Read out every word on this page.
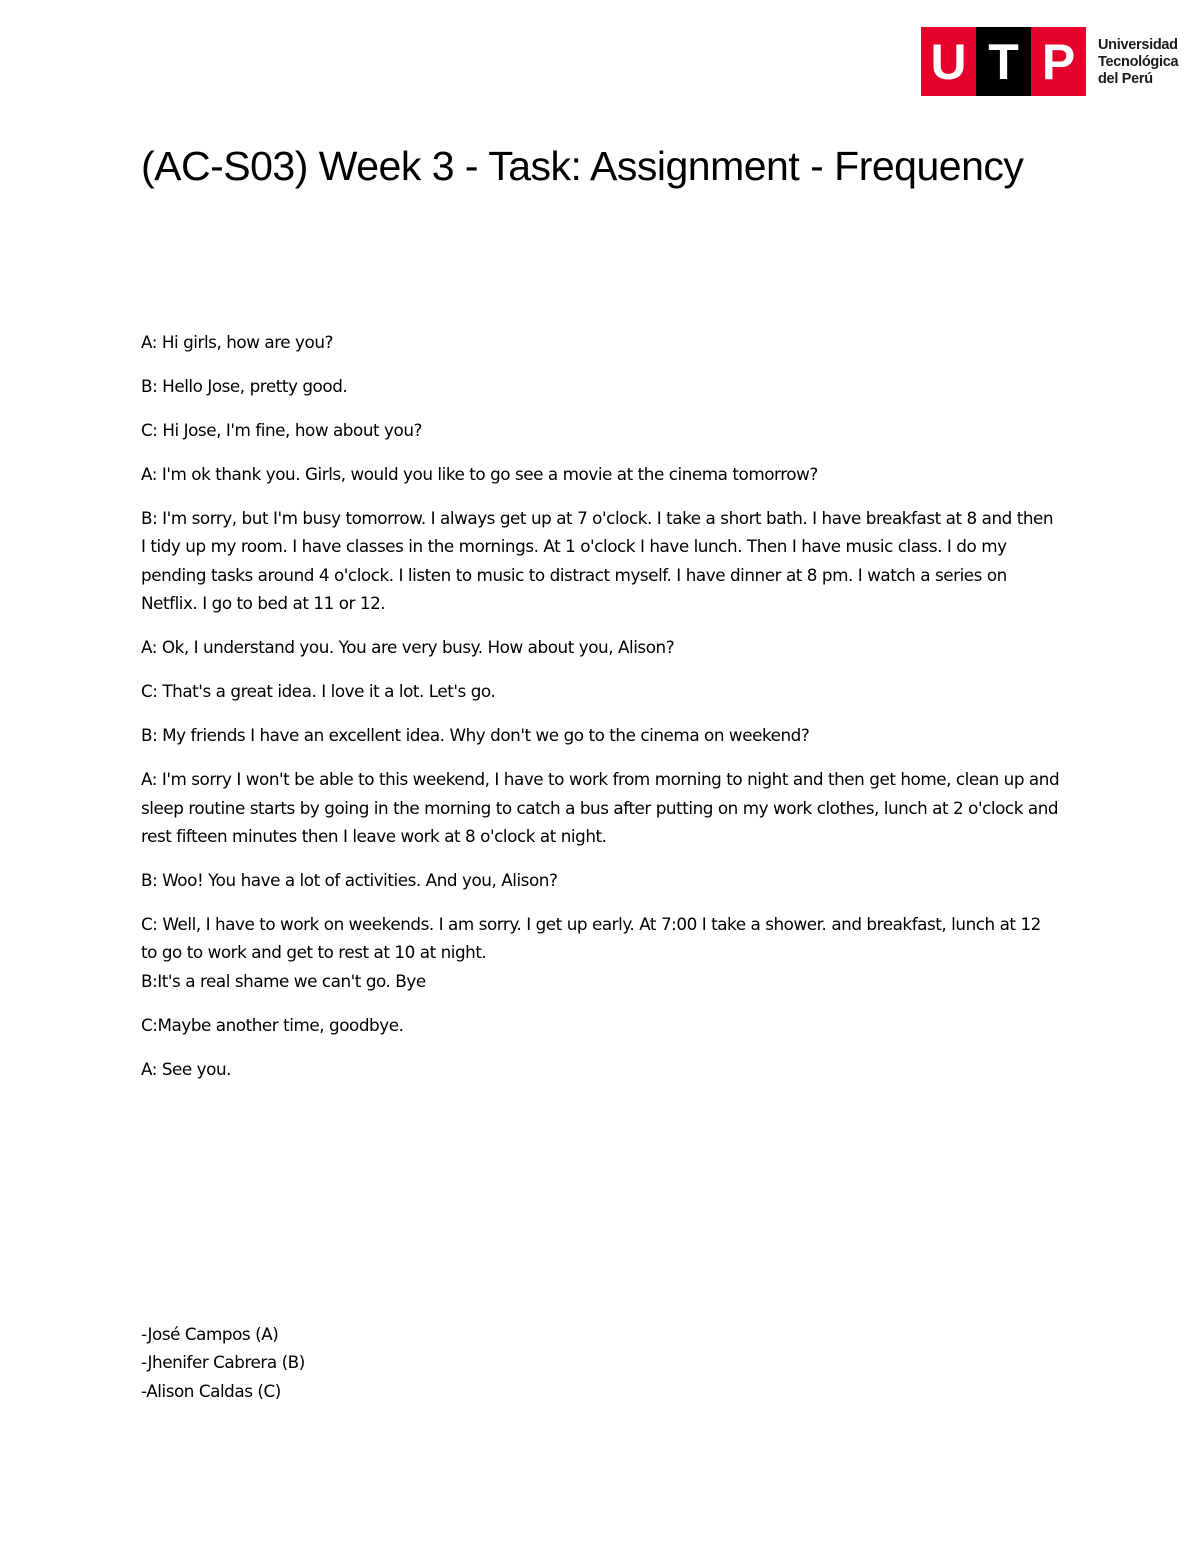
U T P	Universidad
Tecnológica
del Perú
(AC-S03) Week 3 - Task: Assignment - Frequency

A: Hi girls, how are you?

B: Hello Jose, pretty good.

C: Hi Jose, I'm fine, how about you?

A: I'm ok thank you. Girls, would you like to go see a movie at the cinema tomorrow?

B: I'm sorry, but I'm busy tomorrow. I always get up at 7 o'clock. I take a short bath. I have breakfast at 8 and then I tidy up my room. I have classes in the mornings. At 1 o'clock I have lunch. Then I have music class. I do my pending tasks around 4 o'clock. I listen to music to distract myself. I have dinner at 8 pm. I watch a series on Netflix. I go to bed at 11 or 12.

A: Ok, I understand you. You are very busy. How about you, Alison?

C: That's a great idea. I love it a lot. Let's go.

B: My friends I have an excellent idea. Why don't we go to the cinema on weekend?

A: I'm sorry I won't be able to this weekend, I have to work from morning to night and then get home, clean up and sleep routine starts by going in the morning to catch a bus after putting on my work clothes, lunch at 2 o'clock and rest fifteen minutes then I leave work at 8 o'clock at night.

B: Woo! You have a lot of activities. And you, Alison?

C: Well, I have to work on weekends. I am sorry. I get up early. At 7:00 I take a shower. and breakfast, lunch at 12 to go to work and get to rest at 10 at night.
B:It's a real shame we can't go. Bye

C:Maybe another time, goodbye.

A: See you.

-José Campos (A)
-Jhenifer Cabrera (B)
-Alison Caldas (C)
